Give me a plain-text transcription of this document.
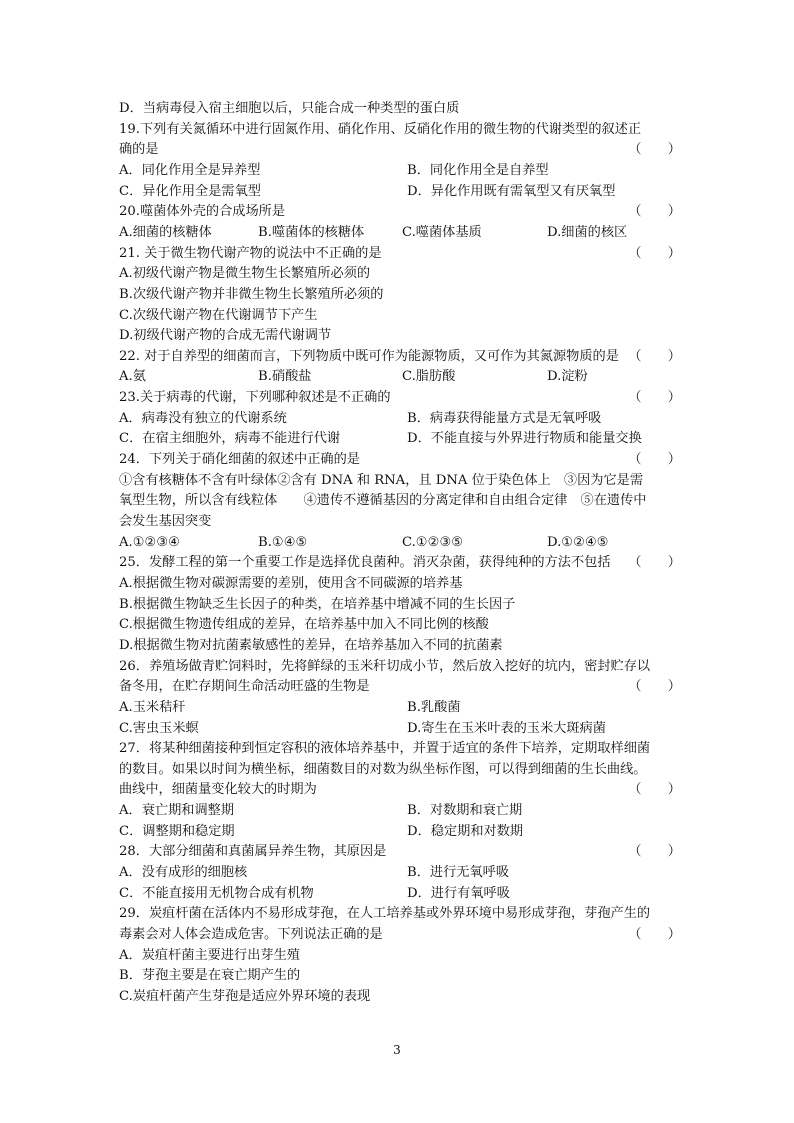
D．当病毒侵入宿主细胞以后，只能合成一种类型的蛋白质
19.下列有关氮循环中进行固氮作用、硝化作用、反硝化作用的微生物的代谢类型的叙述正
确的是	（　　）
A．同化作用全是异养型	B．同化作用全是自养型
C．异化作用全是需氧型	D．异化作用既有需氧型又有厌氧型
20.噬菌体外壳的合成场所是	（　　）
A.细菌的核糖体	B.噬菌体的核糖体	C.噬菌体基质	D.细菌的核区
21. 关于微生物代谢产物的说法中不正确的是	（　　）
A.初级代谢产物是微生物生长繁殖所必须的
B.次级代谢产物并非微生物生长繁殖所必须的
C.次级代谢产物在代谢调节下产生
D.初级代谢产物的合成无需代谢调节
22. 对于自养型的细菌而言，下列物质中既可作为能源物质，又可作为其氮源物质的是 （　　）
A.氨	B.硝酸盐	C.脂肪酸	D.淀粉
23.关于病毒的代谢，下列哪种叙述是不正确的	（　　）
A．病毒没有独立的代谢系统	B．病毒获得能量方式是无氧呼吸
C．在宿主细胞外，病毒不能进行代谢	D．不能直接与外界进行物质和能量交换
24．下列关于硝化细菌的叙述中正确的是	（　　）
①含有核糖体不含有叶绿体②含有 DNA 和 RNA，且 DNA 位于染色体上　③因为它是需
氧型生物，所以含有线粒体　　④遗传不遵循基因的分离定律和自由组合定律　⑤在遗传中
会发生基因突变
A.①②③④	B.①④⑤	C.①②③⑤	D.①②④⑤
25．发酵工程的第一个重要工作是选择优良菌种。消灭杂菌，获得纯种的方法不包括 （　　）
A.根据微生物对碳源需要的差别，使用含不同碳源的培养基
B.根据微生物缺乏生长因子的种类，在培养基中增减不同的生长因子
C.根据微生物遗传组成的差异，在培养基中加入不同比例的核酸
D.根据微生物对抗菌素敏感性的差异，在培养基加入不同的抗菌素
26．养殖场做青贮饲料时，先将鲜绿的玉米秆切成小节，然后放入挖好的坑内，密封贮存以
备冬用，在贮存期间生命活动旺盛的生物是	（　　）
A.玉米秸秆	B.乳酸菌
C.害虫玉米螟	D.寄生在玉米叶表的玉米大斑病菌
27．将某种细菌接种到恒定容积的液体培养基中，并置于适宜的条件下培养，定期取样细菌
的数目。如果以时间为横坐标，细菌数目的对数为纵坐标作图，可以得到细菌的生长曲线。
曲线中，细菌量变化较大的时期为	（　　）
A．衰亡期和调整期	B．对数期和衰亡期
C．调整期和稳定期	D．稳定期和对数期
28．大部分细菌和真菌属异养生物，其原因是	（　　）
A．没有成形的细胞核	B．进行无氧呼吸
C．不能直接用无机物合成有机物	D．进行有氧呼吸
29．炭疽杆菌在活体内不易形成芽孢，在人工培养基或外界环境中易形成芽孢，芽孢产生的
毒素会对人体会造成危害。下列说法正确的是	（　　）
A．炭疽杆菌主要进行出芽生殖
B．芽孢主要是在衰亡期产生的
C.炭疽杆菌产生芽孢是适应外界环境的表现
3
